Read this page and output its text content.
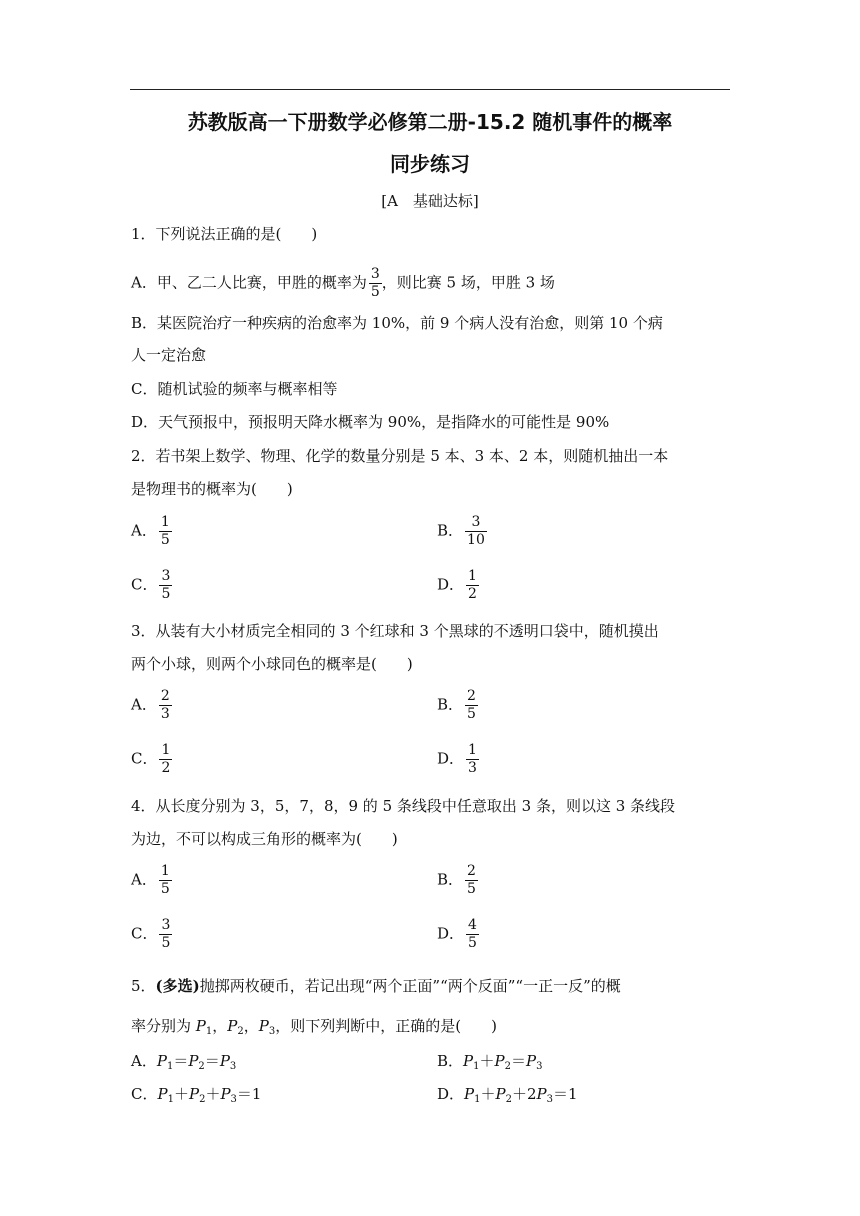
苏教版高一下册数学必修第二册-15.2 随机事件的概率
同步练习
[A　基础达标]
1．下列说法正确的是(　　)
A．甲、乙二人比赛，甲胜的概率为 $\frac{3}{5}$ ，则比赛 5 场，甲胜 3 场
B．某医院治疗一种疾病的治愈率为 10%，前 9 个病人没有治愈，则第 10 个病
人一定治愈
C．随机试验的频率与概率相等
D．天气预报中，预报明天降水概率为 90%，是指降水的可能性是 90%
2．若书架上数学、物理、化学的数量分别是 5 本、3 本、2 本，则随机抽出一本
是物理书的概率为(　　)
A． $\frac{1}{5}$	B． $\frac{3}{10}$
C． $\frac{3}{5}$	D． $\frac{1}{2}$
3．从装有大小材质完全相同的 3 个红球和 3 个黑球的不透明口袋中，随机摸出
两个小球，则两个小球同色的概率是(　　)
A． $\frac{2}{3}$	B． $\frac{2}{5}$
C． $\frac{1}{2}$	D． $\frac{1}{3}$
4．从长度分别为 3，5，7，8，9 的 5 条线段中任意取出 3 条，则以这 3 条线段
为边，不可以构成三角形的概率为(　　)
A． $\frac{1}{5}$	B． $\frac{2}{5}$
C． $\frac{3}{5}$	D． $\frac{4}{5}$
5．(多选)抛掷两枚硬币，若记出现“两个正面”“两个反面”“一正一反”的概
率分别为 $P_1$，$P_2$，$P_3$，则下列判断中，正确的是(　　)
A．$P_1=P_2=P_3$	B．$P_1+P_2=P_3$
C．$P_1+P_2+P_3=1$	D．$P_1+P_2+2P_3=1$
